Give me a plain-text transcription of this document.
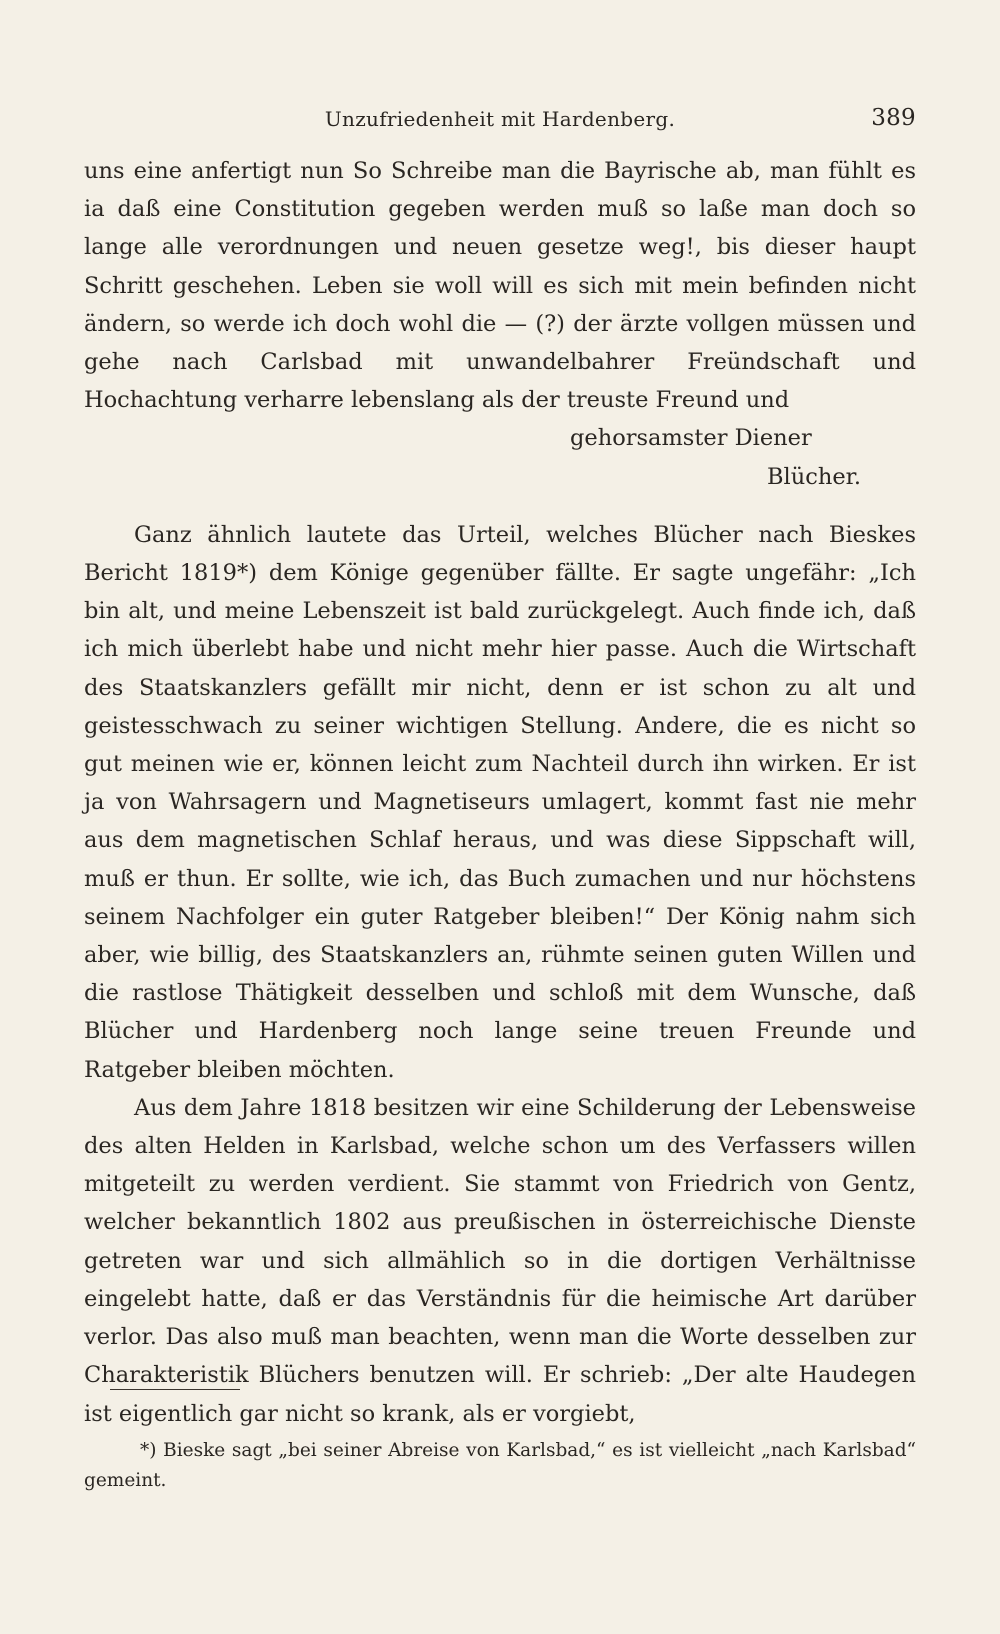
Unzufriedenheit mit Hardenberg.	389

uns eine anfertigt nun So Schreibe man die Bayrische ab, man fühlt es ia daß eine Constitution gegeben werden muß so laße man doch so lange alle verordnungen und neuen gesetze weg!, bis dieser haupt Schritt geschehen. Leben sie woll will es sich mit mein befinden nicht ändern, so werde ich doch wohl die — (?) der ärzte vollgen müssen und gehe nach Carlsbad mit unwandelbahrer Freündschaft und Hochachtung verharre lebenslang als der treuste Freund und

gehorsamster Diener

Blücher.

Ganz ähnlich lautete das Urteil, welches Blücher nach Bieskes Bericht 1819*) dem Könige gegenüber fällte. Er sagte ungefähr: „Ich bin alt, und meine Lebenszeit ist bald zurückgelegt. Auch finde ich, daß ich mich überlebt habe und nicht mehr hier passe. Auch die Wirtschaft des Staatskanzlers gefällt mir nicht, denn er ist schon zu alt und geistesschwach zu seiner wichtigen Stellung. Andere, die es nicht so gut meinen wie er, können leicht zum Nachteil durch ihn wirken. Er ist ja von Wahrsagern und Magnetiseurs umlagert, kommt fast nie mehr aus dem magnetischen Schlaf heraus, und was diese Sippschaft will, muß er thun. Er sollte, wie ich, das Buch zumachen und nur höchstens seinem Nachfolger ein guter Ratgeber bleiben!“ Der König nahm sich aber, wie billig, des Staatskanzlers an, rühmte seinen guten Willen und die rastlose Thätigkeit desselben und schloß mit dem Wunsche, daß Blücher und Hardenberg noch lange seine treuen Freunde und Ratgeber bleiben möchten.

Aus dem Jahre 1818 besitzen wir eine Schilderung der Lebensweise des alten Helden in Karlsbad, welche schon um des Verfassers willen mitgeteilt zu werden verdient. Sie stammt von Friedrich von Gentz, welcher bekanntlich 1802 aus preußischen in österreichische Dienste getreten war und sich allmählich so in die dortigen Verhältnisse eingelebt hatte, daß er das Verständnis für die heimische Art darüber verlor. Das also muß man beachten, wenn man die Worte desselben zur Charakteristik Blüchers benutzen will. Er schrieb: „Der alte Haudegen ist eigentlich gar nicht so krank, als er vorgiebt,

*) Bieske sagt „bei seiner Abreise von Karlsbad,“ es ist vielleicht „nach Karlsbad“ gemeint.
